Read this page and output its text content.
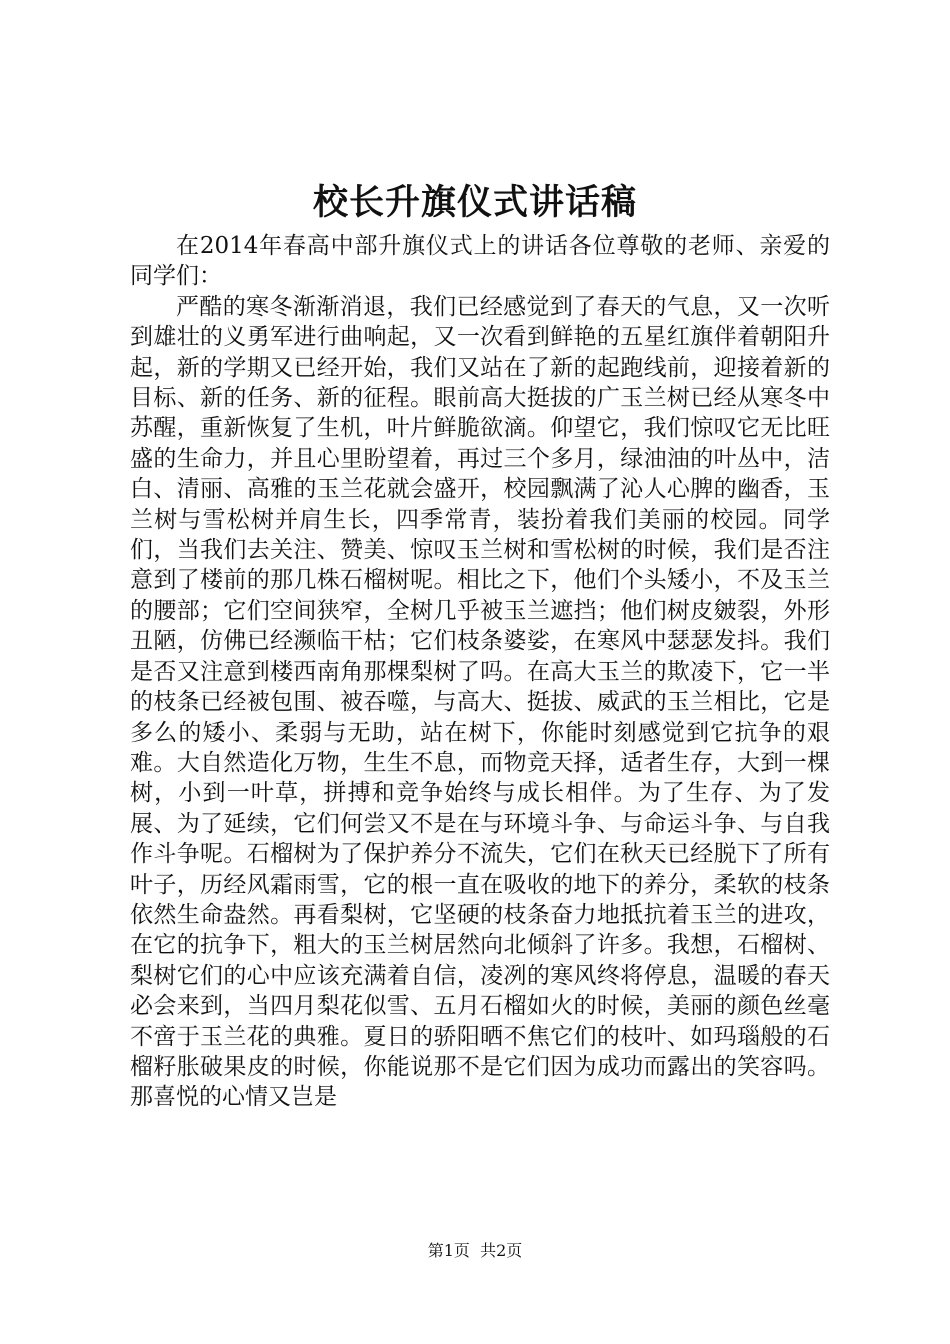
校长升旗仪式讲话稿

在2014年春高中部升旗仪式上的讲话各位尊敬的老师、亲爱的同学们：

严酷的寒冬渐渐消退，我们已经感觉到了春天的气息，又一次听到雄壮的义勇军进行曲响起，又一次看到鲜艳的五星红旗伴着朝阳升起，新的学期又已经开始，我们又站在了新的起跑线前，迎接着新的目标、新的任务、新的征程。眼前高大挺拔的广玉兰树已经从寒冬中苏醒，重新恢复了生机，叶片鲜脆欲滴。仰望它，我们惊叹它无比旺盛的生命力，并且心里盼望着，再过三个多月，绿油油的叶丛中，洁白、清丽、高雅的玉兰花就会盛开，校园飘满了沁人心脾的幽香，玉兰树与雪松树并肩生长，四季常青，装扮着我们美丽的校园。同学们，当我们去关注、赞美、惊叹玉兰树和雪松树的时候，我们是否注意到了楼前的那几株石榴树呢。相比之下，他们个头矮小，不及玉兰的腰部；它们空间狭窄，全树几乎被玉兰遮挡；他们树皮皴裂，外形丑陋，仿佛已经濒临干枯；它们枝条婆娑，在寒风中瑟瑟发抖。我们是否又注意到楼西南角那棵梨树了吗。在高大玉兰的欺凌下，它一半的枝条已经被包围、被吞噬，与高大、挺拔、威武的玉兰相比，它是多么的矮小、柔弱与无助，站在树下，你能时刻感觉到它抗争的艰难。大自然造化万物，生生不息，而物竞天择，适者生存，大到一棵树，小到一叶草，拼搏和竞争始终与成长相伴。为了生存、为了发展、为了延续，它们何尝又不是在与环境斗争、与命运斗争、与自我作斗争呢。石榴树为了保护养分不流失，它们在秋天已经脱下了所有叶子，历经风霜雨雪，它的根一直在吸收的地下的养分，柔软的枝条依然生命盎然。再看梨树，它坚硬的枝条奋力地抵抗着玉兰的进攻，在它的抗争下，粗大的玉兰树居然向北倾斜了许多。我想，石榴树、梨树它们的心中应该充满着自信，凌冽的寒风终将停息，温暖的春天必会来到，当四月梨花似雪、五月石榴如火的时候，美丽的颜色丝毫不啻于玉兰花的典雅。夏日的骄阳晒不焦它们的枝叶、如玛瑙般的石榴籽胀破果皮的时候，你能说那不是它们因为成功而露出的笑容吗。那喜悦的心情又岂是

第1页 共2页
